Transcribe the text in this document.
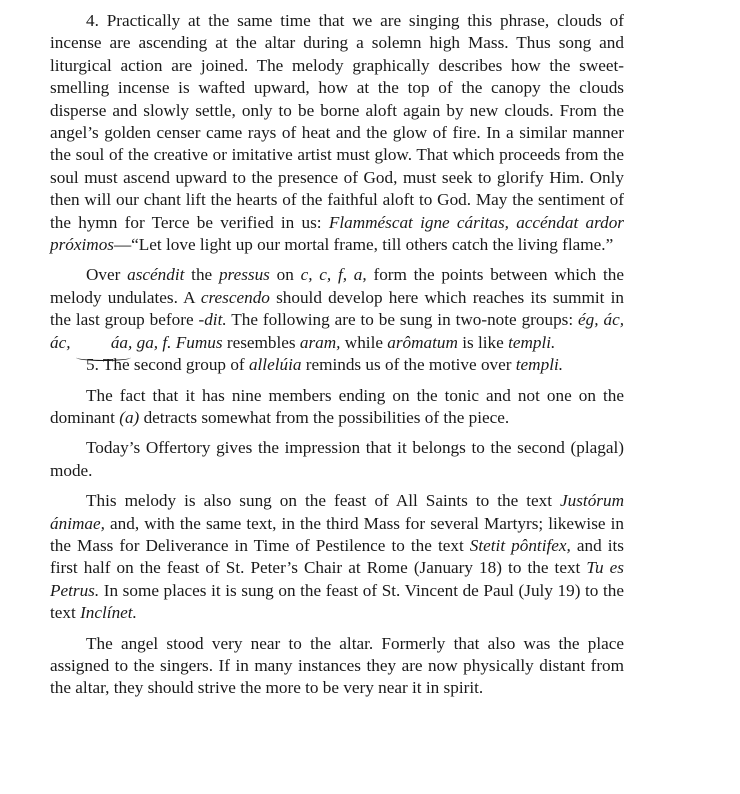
4. Practically at the same time that we are singing this phrase, clouds of incense are ascending at the altar during a solemn high Mass. Thus song and liturgical action are joined. The melody graphically describes how the sweet-smelling incense is wafted upward, how at the top of the canopy the clouds disperse and slowly settle, only to be borne aloft again by new clouds. From the angel’s golden censer came rays of heat and the glow of fire. In a similar manner the soul of the creative or imitative artist must glow. That which proceeds from the soul must ascend upward to the presence of God, must seek to glorify Him. Only then will our chant lift the hearts of the faithful aloft to God. May the sentiment of the hymn for Terce be verified in us: Flamméscat igne cáritas, accéndat ardor próximos—“Let love light up our mortal frame, till others catch the living flame.”

Over ascéndit the pressus on c, c, f, a, form the points between which the melody undulates. A crescendo should develop here which reaches its summit in the last group before -dit. The following are to be sung in two-note groups: ég, ác, ác, áa, ga, f. Fumus resembles aram, while arômatum is like templi.

5. The second group of allelúia reminds us of the motive over templi.

The fact that it has nine members ending on the tonic and not one on the dominant (a) detracts somewhat from the possibilities of the piece.

Today’s Offertory gives the impression that it belongs to the second (plagal) mode.

This melody is also sung on the feast of All Saints to the text Justórum ánimae, and, with the same text, in the third Mass for several Martyrs; likewise in the Mass for Deliverance in Time of Pestilence to the text Stetit pôntifex, and its first half on the feast of St. Peter’s Chair at Rome (January 18) to the text Tu es Petrus. In some places it is sung on the feast of St. Vincent de Paul (July 19) to the text Inclínet.

The angel stood very near to the altar. Formerly that also was the place assigned to the singers. If in many instances they are now physically distant from the altar, they should strive the more to be very near it in spirit.
